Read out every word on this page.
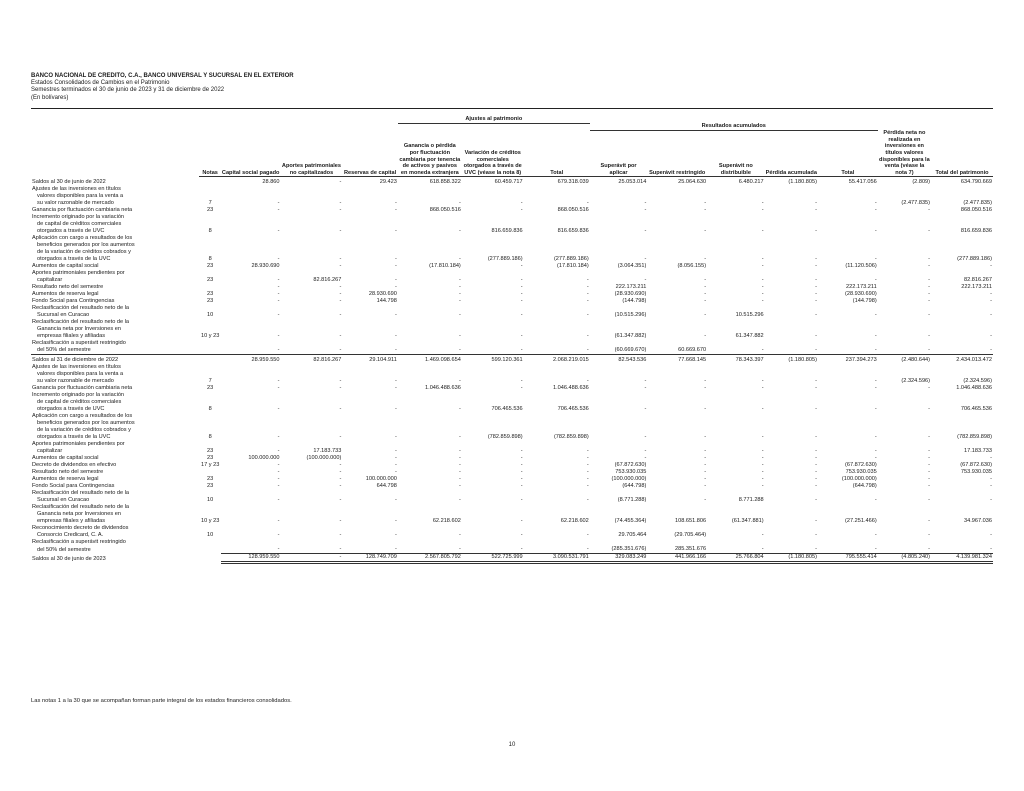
BANCO NACIONAL DE CREDITO, C.A., BANCO UNIVERSAL Y SUCURSAL EN EL EXTERIOR
Estados Consolidados de Cambios en el Patrimonio
Semestres terminados el 30 de junio de 2023 y 31 de diciembre de 2022
(En bolívares)
					Ajustes al patrimonio									
								Resultados acumulados						
	Notas	Capital social pagado	Aportes patrimoniales no capitalizados	Reservas de capital	Ganancia o pérdida por fluctuación cambiaria por tenencia de activos y pasivos en moneda extranjera	Variación de créditos comerciales otorgados a través de UVC (véase la nota 8)	Total	Superávit por aplicar	Superávit restringido	Superávit no distribuible	Pérdida acumulada	Total	Pérdida neta no realizada en inversiones en títulos valores disponibles para la venta (véase la nota 7)	Total del patrimonio
Saldos al 30 de junio de 2022		28.860	-	29.423	618.858.322	60.459.717	679.318.039	25.053.014	25.064.630	6.480.217	(1.180.805)	55.417.056	(2.809)	634.790.669
Ajustes de las inversiones en títulos														
valores disponibles para la venta a														
su valor razonable de mercado	7	-	-	-	-	-	-	-	-	-	-	-	(2.477.835)	(2.477.835)
Ganancia por fluctuación cambiaria neta	23	-	-	-	868.050.516	-	868.050.516	-	-	-	-	-	-	868.050.516
Incremento originado por la variación														
de capital de créditos comerciales														
otorgados a través de UVC	8	-	-	-	-	816.659.836	816.659.836	-	-	-	-	-	-	816.659.836
Aplicación con cargo a resultados de los														
beneficios generados por los aumentos														
de la variación de créditos cobrados y														
otorgados a través de la UVC	8	-	-	-	-	(277.889.186)	(277.889.186)	-	-	-	-	-	-	(277.889.186)
Aumentos de capital social	23	28.930.690	-	-	(17.810.184)	-	(17.810.184)	(3.064.351)	(8.056.155)	-	-	(11.120.506)	-	-
Aportes patrimoniales pendientes por														
capitalizar	23	-	82.816.267	-	-	-	-	-	-	-	-	-	-	82.816.267
Resultado neto del semestre		-	-	-	-	-	-	222.173.211	-	-	-	222.173.211	-	222.173.211
Aumentos de reserva legal	23	-	-	28.930.690	-	-	-	(28.930.690)	-	-	-	(28.930.690)	-	-
Fondo Social para Contingencias	23	-	-	144.798	-	-	-	(144.798)	-	-	-	(144.798)	-	-
Reclasificación del resultado neto de la														
Sucursal en Curacao	10	-	-	-	-	-	-	(10.515.296)	-	10.515.296	-	-	-	-
Reclasificación del resultado neto de la														
Ganancia neta por Inversiones en														
empresas filiales y afiliadas	10 y 23	-	-	-	-	-	-	(61.347.882)	-	61.347.882	-	-	-	-
Reclasificación a superávit restringido														
del 50% del semestre		-	-	-	-	-	-	(60.669.670)	60.669.670	-	-	-	-	-
Saldos al 31 de diciembre de 2022		28.959.550	82.816.267	29.104.911	1.469.098.654	599.120.361	2.068.219.015	82.543.536	77.668.145	78.343.397	(1.180.805)	237.394.273	(2.480.644)	2.434.013.472
Ajustes de las inversiones en títulos														
valores disponibles para la venta a														
su valor razonable de mercado	7	-	-	-	-	-	-	-	-	-	-	-	(2.324.596)	(2.324.596)
Ganancia por fluctuación cambiaria neta	23	-	-	-	1.046.488.636	-	1.046.488.636	-	-	-	-	-	-	1.046.488.636
Incremento originado por la variación														
de capital de créditos comerciales														
otorgados a través de UVC	8	-	-	-	-	706.465.536	706.465.536	-	-	-	-	-	-	706.465.536
Aplicación con cargo a resultados de los														
beneficios generados por los aumentos														
de la variación de créditos cobrados y														
otorgados a través de la UVC	8	-	-	-	-	(782.859.898)	(782.859.898)	-	-	-	-	-	-	(782.859.898)
Aportes patrimoniales pendientes por														
capitalizar	23	-	17.183.733	-	-	-	-	-	-	-	-	-	-	17.183.733
Aumentos de capital social	23	100.000.000	(100.000.000)	-	-	-	-	-	-	-	-	-	-	-
Decreto de dividendos en efectivo	17 y 23	-	-	-	-	-	-	(67.872.630)	-	-	-	(67.872.630)	-	(67.872.630)
Resultado neto del semestre		-	-	-	-	-	-	753.930.035	-	-	-	753.930.035	-	753.930.035
Aumentos de reserva legal	23	-	-	100.000.000	-	-	-	(100.000.000)	-	-	-	(100.000.000)	-	-
Fondo Social para Contingencias	23	-	-	644.798	-	-	-	(644.798)	-	-	-	(644.798)	-	-
Reclasificación del resultado neto de la														
Sucursal en Curacao	10	-	-	-	-	-	-	(8.771.288)	-	8.771.288	-	-	-	-
Reclasificación del resultado neto de la														
Ganancia neta por Inversiones en														
empresas filiales y afiliadas	10 y 23	-	-	-	62.218.602	-	62.218.602	(74.455.364)	108.651.806	(61.347.881)	-	(27.251.466)	-	34.967.036
Reconocimiento decreto de dividendos														
Consorcio Credicard, C. A.	10	-	-	-	-	-	-	29.705.464	(29.705.464)	-	-	-	-	-
Reclasificación a superávit restringido														
del 50% del semestre		-	-	-	-	-	-	(285.351.676)	285.351.676	-	-	-	-	-
Saldos al 30 de junio de 2023		128.959.550	-	128.749.709	2.567.805.792	522.725.999	3.090.531.791	329.083.249	441.966.166	25.766.804	(1.180.805)	795.555.414	(4.805.240)	4.139.981.324
Las notas 1 a la 30 que se acompañan forman parte integral de los estados financieros consolidados.
10
